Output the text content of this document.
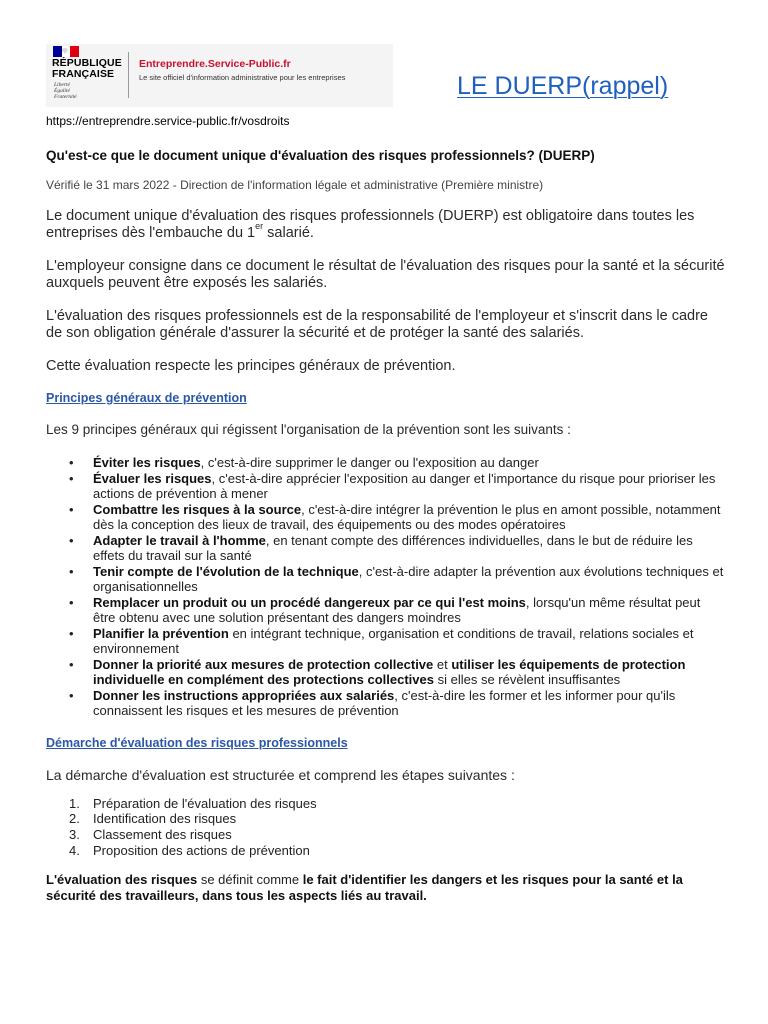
RÉPUBLIQUE
FRANÇAISE
Liberté
Égalité
Fraternité
Entreprendre.Service-Public.fr
Le site officiel d'information administrative pour les entreprises	LE DUERP(rappel)
https://entreprendre.service-public.fr/vosdroits
Qu'est-ce que le document unique d'évaluation des risques professionnels? (DUERP)
Vérifié le 31 mars 2022 - Direction de l'information légale et administrative (Première ministre)
Le document unique d'évaluation des risques professionnels (DUERP) est obligatoire dans toutes les entreprises dès l'embauche du 1er salarié.
L'employeur consigne dans ce document le résultat de l'évaluation des risques pour la santé et la sécurité auxquels peuvent être exposés les salariés.
L'évaluation des risques professionnels est de la responsabilité de l'employeur et s'inscrit dans le cadre de son obligation générale d'assurer la sécurité et de protéger la santé des salariés.
Cette évaluation respecte les principes généraux de prévention.
Principes généraux de prévention
Les 9 principes généraux qui régissent l'organisation de la prévention sont les suivants :
• Éviter les risques, c'est-à-dire supprimer le danger ou l'exposition au danger
• Évaluer les risques, c'est-à-dire apprécier l'exposition au danger et l'importance du risque pour prioriser les actions de prévention à mener
• Combattre les risques à la source, c'est-à-dire intégrer la prévention le plus en amont possible, notamment dès la conception des lieux de travail, des équipements ou des modes opératoires
• Adapter le travail à l'homme, en tenant compte des différences individuelles, dans le but de réduire les effets du travail sur la santé
• Tenir compte de l'évolution de la technique, c'est-à-dire adapter la prévention aux évolutions techniques et organisationnelles
• Remplacer un produit ou un procédé dangereux par ce qui l'est moins, lorsqu'un même résultat peut être obtenu avec une solution présentant des dangers moindres
• Planifier la prévention en intégrant technique, organisation et conditions de travail, relations sociales et environnement
• Donner la priorité aux mesures de protection collective et utiliser les équipements de protection individuelle en complément des protections collectives si elles se révèlent insuffisantes
• Donner les instructions appropriées aux salariés, c'est-à-dire les former et les informer pour qu'ils connaissent les risques et les mesures de prévention
Démarche d'évaluation des risques professionnels
La démarche d'évaluation est structurée et comprend les étapes suivantes :
1. Préparation de l'évaluation des risques
2. Identification des risques
3. Classement des risques
4. Proposition des actions de prévention
L'évaluation des risques se définit comme le fait d'identifier les dangers et les risques pour la santé et la sécurité des travailleurs, dans tous les aspects liés au travail.
